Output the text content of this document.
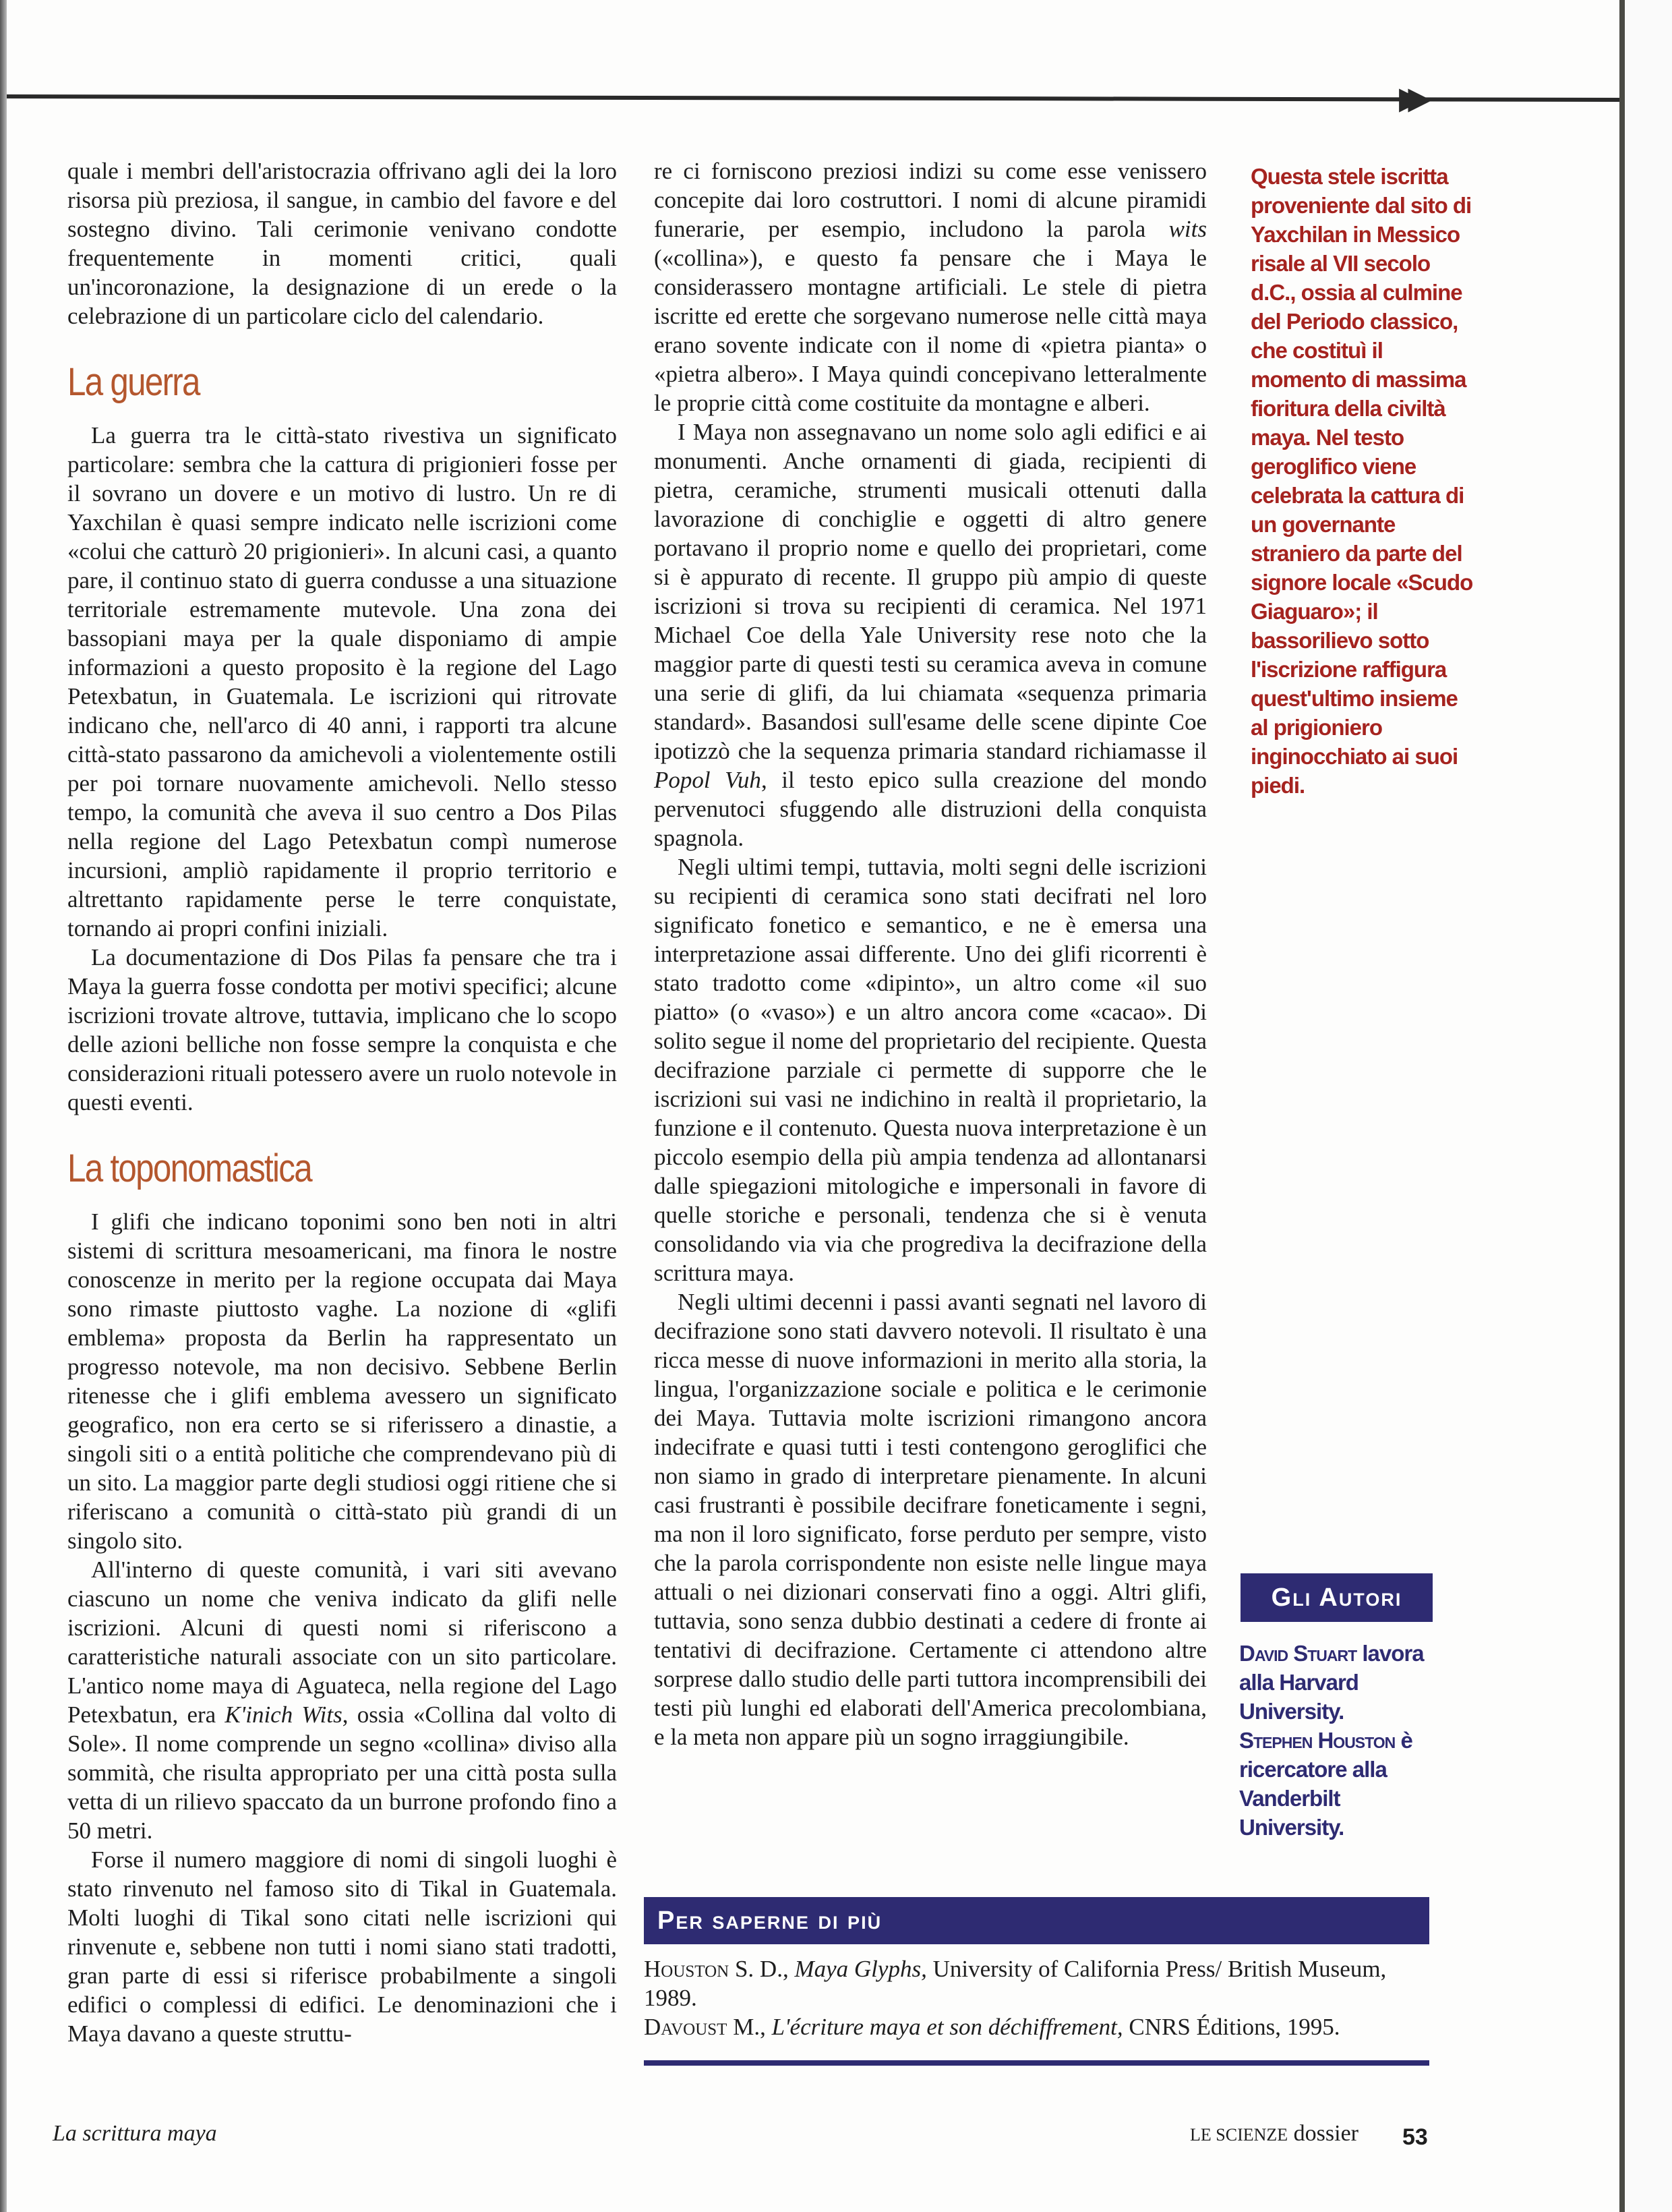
▶▶

quale i membri dell'aristocrazia offrivano agli dei la loro risorsa più preziosa, il sangue, in cambio del favore e del sostegno divino. Tali cerimonie venivano condotte frequentemente in momenti critici, quali un'incoronazione, la designazione di un erede o la celebrazione di un particolare ciclo del calendario.

La guerra

La guerra tra le città-stato rivestiva un significato particolare: sembra che la cattura di prigionieri fosse per il sovrano un dovere e un motivo di lustro. Un re di Yaxchilan è quasi sempre indicato nelle iscrizioni come «colui che catturò 20 prigionieri». In alcuni casi, a quanto pare, il continuo stato di guerra condusse a una situazione territoriale estremamente mutevole. Una zona dei bassopiani maya per la quale disponiamo di ampie informazioni a questo proposito è la regione del Lago Petexbatun, in Guatemala. Le iscrizioni qui ritrovate indicano che, nell'arco di 40 anni, i rapporti tra alcune città-stato passarono da amichevoli a violentemente ostili per poi tornare nuovamente amichevoli. Nello stesso tempo, la comunità che aveva il suo centro a Dos Pilas nella regione del Lago Petexbatun compì numerose incursioni, ampliò rapidamente il proprio territorio e altrettanto rapidamente perse le terre conquistate, tornando ai propri confini iniziali.

La documentazione di Dos Pilas fa pensare che tra i Maya la guerra fosse condotta per motivi specifici; alcune iscrizioni trovate altrove, tuttavia, implicano che lo scopo delle azioni belliche non fosse sempre la conquista e che considerazioni rituali potessero avere un ruolo notevole in questi eventi.

La toponomastica

I glifi che indicano toponimi sono ben noti in altri sistemi di scrittura mesoamericani, ma finora le nostre conoscenze in merito per la regione occupata dai Maya sono rimaste piuttosto vaghe. La nozione di «glifi emblema» proposta da Berlin ha rappresentato un progresso notevole, ma non decisivo. Sebbene Berlin ritenesse che i glifi emblema avessero un significato geografico, non era certo se si riferissero a dinastie, a singoli siti o a entità politiche che comprendevano più di un sito. La maggior parte degli studiosi oggi ritiene che si riferiscano a comunità o città-stato più grandi di un singolo sito.

All'interno di queste comunità, i vari siti avevano ciascuno un nome che veniva indicato da glifi nelle iscrizioni. Alcuni di questi nomi si riferiscono a caratteristiche naturali associate con un sito particolare. L'antico nome maya di Aguateca, nella regione del Lago Petexbatun, era K'inich Wits, ossia «Collina dal volto di Sole». Il nome comprende un segno «collina» diviso alla sommità, che risulta appropriato per una città posta sulla vetta di un rilievo spaccato da un burrone profondo fino a 50 metri.

Forse il numero maggiore di nomi di singoli luoghi è stato rinvenuto nel famoso sito di Tikal in Guatemala. Molti luoghi di Tikal sono citati nelle iscrizioni qui rinvenute e, sebbene non tutti i nomi siano stati tradotti, gran parte di essi si riferisce probabilmente a singoli edifici o complessi di edifici. Le denominazioni che i Maya davano a queste struttu-

re ci forniscono preziosi indizi su come esse venissero concepite dai loro costruttori. I nomi di alcune piramidi funerarie, per esempio, includono la parola wits («collina»), e questo fa pensare che i Maya le considerassero montagne artificiali. Le stele di pietra iscritte ed erette che sorgevano numerose nelle città maya erano sovente indicate con il nome di «pietra pianta» o «pietra albero». I Maya quindi concepivano letteralmente le proprie città come costituite da montagne e alberi.

I Maya non assegnavano un nome solo agli edifici e ai monumenti. Anche ornamenti di giada, recipienti di pietra, ceramiche, strumenti musicali ottenuti dalla lavorazione di conchiglie e oggetti di altro genere portavano il proprio nome e quello dei proprietari, come si è appurato di recente. Il gruppo più ampio di queste iscrizioni si trova su recipienti di ceramica. Nel 1971 Michael Coe della Yale University rese noto che la maggior parte di questi testi su ceramica aveva in comune una serie di glifi, da lui chiamata «sequenza primaria standard». Basandosi sull'esame delle scene dipinte Coe ipotizzò che la sequenza primaria standard richiamasse il Popol Vuh, il testo epico sulla creazione del mondo pervenutoci sfuggendo alle distruzioni della conquista spagnola.

Negli ultimi tempi, tuttavia, molti segni delle iscrizioni su recipienti di ceramica sono stati decifrati nel loro significato fonetico e semantico, e ne è emersa una interpretazione assai differente. Uno dei glifi ricorrenti è stato tradotto come «dipinto», un altro come «il suo piatto» (o «vaso») e un altro ancora come «cacao». Di solito segue il nome del proprietario del recipiente. Questa decifrazione parziale ci permette di supporre che le iscrizioni sui vasi ne indichino in realtà il proprietario, la funzione e il contenuto. Questa nuova interpretazione è un piccolo esempio della più ampia tendenza ad allontanarsi dalle spiegazioni mitologiche e impersonali in favore di quelle storiche e personali, tendenza che si è venuta consolidando via via che progrediva la decifrazione della scrittura maya.

Negli ultimi decenni i passi avanti segnati nel lavoro di decifrazione sono stati davvero notevoli. Il risultato è una ricca messe di nuove informazioni in merito alla storia, la lingua, l'organizzazione sociale e politica e le cerimonie dei Maya. Tuttavia molte iscrizioni rimangono ancora indecifrate e quasi tutti i testi contengono geroglifici che non siamo in grado di interpretare pienamente. In alcuni casi frustranti è possibile decifrare foneticamente i segni, ma non il loro significato, forse perduto per sempre, visto che la parola corrispondente non esiste nelle lingue maya attuali o nei dizionari conservati fino a oggi. Altri glifi, tuttavia, sono senza dubbio destinati a cedere di fronte ai tentativi di decifrazione. Certamente ci attendono altre sorprese dallo studio delle parti tuttora incomprensibili dei testi più lunghi ed elaborati dell'America precolombiana, e la meta non appare più un sogno irraggiungibile.

Questa stele iscritta proveniente dal sito di Yaxchilan in Messico risale al VII secolo d.C., ossia al culmine del Periodo classico, che costituì il momento di massima fioritura della civiltà maya. Nel testo geroglifico viene celebrata la cattura di un governante straniero da parte del signore locale «Scudo Giaguaro»; il bassorilievo sotto l'iscrizione raffigura quest'ultimo insieme al prigioniero inginocchiato ai suoi piedi.
Gli Autori
David Stuart lavora alla Harvard University.
Stephen Houston è ricercatore alla Vanderbilt University.
Per saperne di più
Houston S. D., Maya Glyphs, University of California Press/ British Museum, 1989.
Davoust M., L'écriture maya et son déchiffrement, CNRS Éditions, 1995.
La scrittura maya	LE SCIENZE dossier 53
